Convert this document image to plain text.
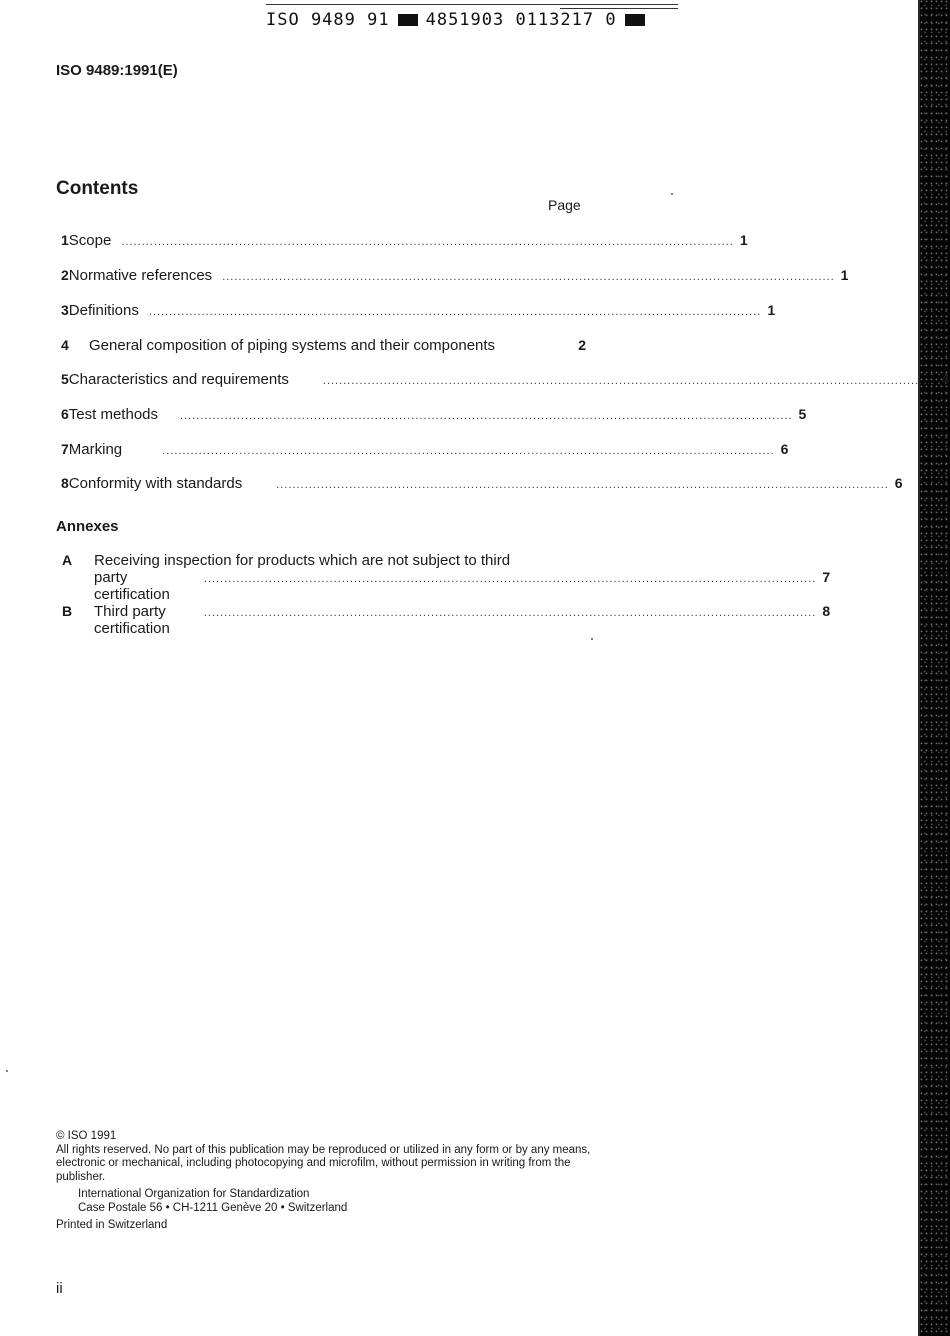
ISO 9489 91 4851903 0113217 0
ISO 9489:1991(E)
Contents
Page
1 Scope ....................................................................................................................................................... 1
2 Normative references ....................................................................................................................................................... 1
3 Definitions ....................................................................................................................................................... 1
4	General composition of piping systems and their components	2
5 Characteristics and requirements	....................................................................................................................................................... 4
6 Test methods ....................................................................................................................................................... 5
7 Marking	....................................................................................................................................................... 6
8 Conformity with standards	....................................................................................................................................................... 6
Annexes
A Receiving inspection for products which are not subject to third
party certification
....................................................................................................................................................... 7
B Third party certification
....................................................................................................................................................... 8

© ISO 1991

All rights reserved. No part of this publication may be reproduced or utilized in any form or by any means, electronic or mechanical, including photocopying and microfilm, without permission in writing from the publisher.

International Organization for Standardization

Case Postale 56 • CH-1211 Genève 20 • Switzerland

Printed in Switzerland

ii
